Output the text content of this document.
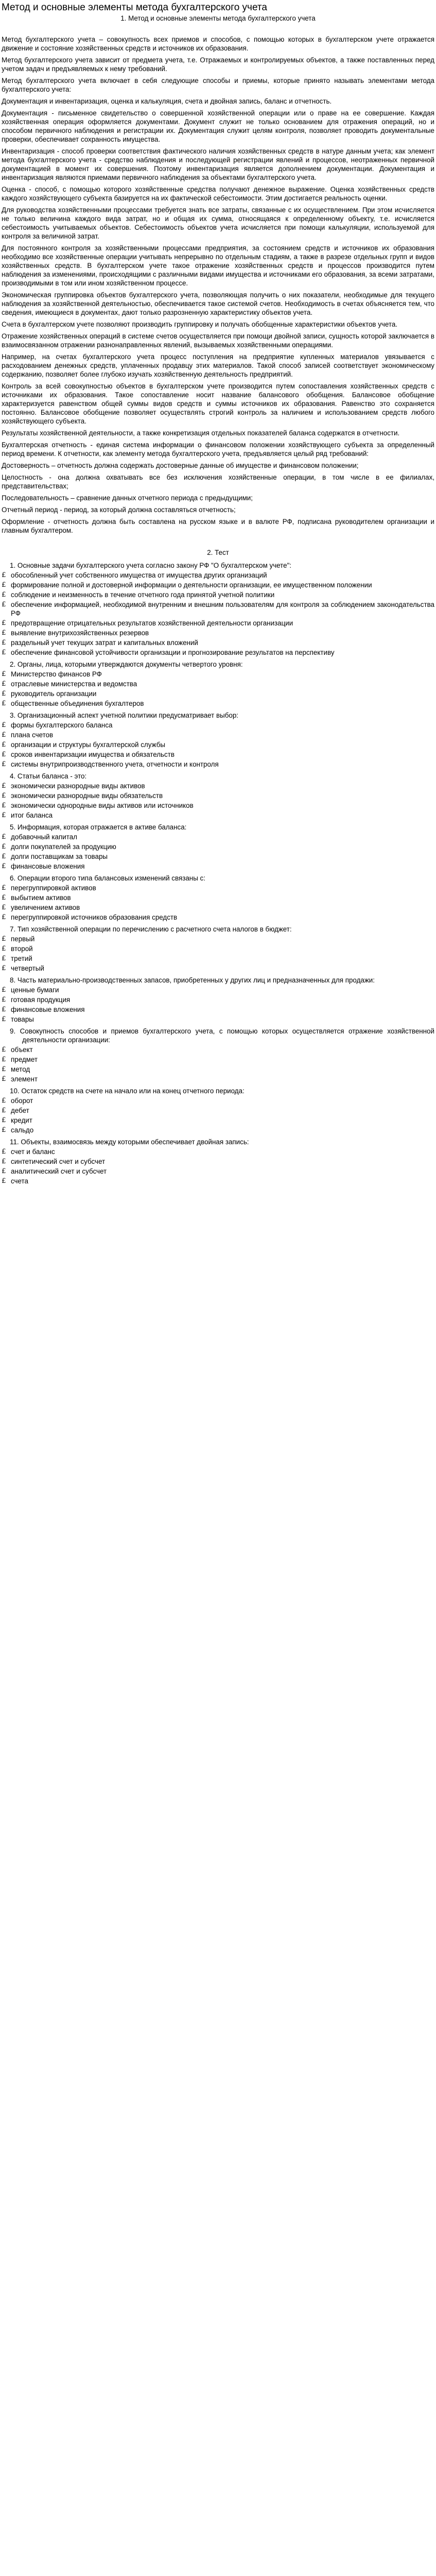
Метод и основные элементы метода бухгалтерского учета
1. Метод и основные элементы метода бухгалтерского учета
Метод бухгалтерского учета – совокупность всех приемов и способов, с помощью которых в бухгалтерском учете отражается движение и состояние хозяйственных средств и источников их образования.
Метод бухгалтерского учета зависит от предмета учета, т.е. Отражаемых и контролируемых объектов, а также поставленных перед учетом задач и предъявляемых к нему требований.
Метод бухгалтерского учета включает в себя следующие способы и приемы, которые принято называть элементами метода бухгалтерского учета:
Документация и инвентаризация, оценка и калькуляция, счета и двойная запись, баланс и отчетность.
Документация - письменное свидетельство о совершенной хозяйственной операции или о праве на ее совершение. Каждая хозяйственная операция оформляется документами. Документ служит не только основанием для отражения операций, но и способом первичного наблюдения и регистрации их. Документация служит целям контроля, позволяет проводить документальные проверки, обеспечивает сохранность имущества.
Инвентаризация - способ проверки соответствия фактического наличия хозяйственных средств в натуре данным учета; как элемент метода бухгалтерского учета - средство наблюдения и последующей регистрации явлений и процессов, неотраженных первичной документацией в момент их совершения. Поэтому инвентаризация является дополнением документации. Документация и инвентаризация являются приемами первичного наблюдения за объектами бухгалтерского учета.
Оценка - способ, с помощью которого хозяйственные средства получают денежное выражение. Оценка хозяйственных средств каждого хозяйствующего субъекта базируется на их фактической себестоимости. Этим достигается реальность оценки.
Для руководства хозяйственными процессами требуется знать все затраты, связанные с их осуществлением. При этом исчисляется не только величина каждого вида затрат, но и общая их сумма, относящаяся к определенному объекту, т.е. исчисляется себестоимость учитываемых объектов. Себестоимость объектов учета исчисляется при помощи калькуляции, используемой для контроля за величиной затрат.
Для постоянного контроля за хозяйственными процессами предприятия, за состоянием средств и источников их образования необходимо все хозяйственные операции учитывать непрерывно по отдельным стадиям, а также в разрезе отдельных групп и видов хозяйственных средств. В бухгалтерском учете такое отражение хозяйственных средств и процессов производится путем наблюдения за изменениями, происходящими с различными видами имущества и источниками его образования, за всеми затратами, производимыми в том или ином хозяйственном процессе.
Экономическая группировка объектов бухгалтерского учета, позволяющая получить о них показатели, необходимые для текущего наблюдения за хозяйственной деятельностью, обеспечивается такое системой счетов. Необходимость в счетах объясняется тем, что сведения, имеющиеся в документах, дают только разрозненную характеристику объектов учета.
Счета в бухгалтерском учете позволяют производить группировку и получать обобщенные характеристики объектов учета.
Отражение хозяйственных операций в системе счетов осуществляется при помощи двойной записи, сущность которой заключается в взаимосвязанном отражении разнонаправленных явлений, вызываемых хозяйственными операциями.
Например, на счетах бухгалтерского учета процесс поступления на предприятие купленных материалов увязывается с расходованием денежных средств, уплаченных продавцу этих материалов. Такой способ записей соответствует экономическому содержанию, позволяет более глубоко изучать хозяйственную деятельность предприятий.
Контроль за всей совокупностью объектов в бухгалтерском учете производится путем сопоставления хозяйственных средств с источниками их образования. Такое сопоставление носит название балансового обобщения. Балансовое обобщение характеризуется равенством общей суммы видов средств и суммы источников их образования. Равенство это сохраняется постоянно. Балансовое обобщение позволяет осуществлять строгий контроль за наличием и использованием средств любого хозяйствующего субъекта.
Результаты хозяйственной деятельности, а также конкретизация отдельных показателей баланса содержатся в отчетности.
Бухгалтерская отчетность - единая система информации о финансовом положении хозяйствующего субъекта за определенный период времени. К отчетности, как элементу метода бухгалтерского учета, предъявляется целый ряд требований:
Достоверность – отчетность должна содержать достоверные данные об имуществе и финансовом положении;
Целостность - она должна охватывать все без исключения хозяйственные операции, в том числе в ее филиалах, представительствах;
Последовательность – сравнение данных отчетного периода с предыдущими;
Отчетный период - период, за который должна составляться отчетность;
Оформление - отчетность должна быть составлена на русском языке и в валюте РФ, подписана руководителем организации и главным бухгалтером.
2. Тест
1. Основные задачи бухгалтерского учета согласно закону РФ "О бухгалтерском учете":
£ обособленный учет собственного имущества от имущества других организаций
£ формирование полной и достоверной информации о деятельности организации, ее имущественном положении
£ соблюдение и неизменность в течение отчетного года принятой учетной политики
£ обеспечение информацией, необходимой внутренним и внешним пользователям для контроля за соблюдением законодательства РФ
£ предотвращение отрицательных результатов хозяйственной деятельности организации
£ выявление внутрихозяйственных резервов
£ раздельный учет текущих затрат и капитальных вложений
£ обеспечение финансовой устойчивости организации и прогнозирование результатов на перспективу
2. Органы, лица, которыми утверждаются документы четвертого уровня:
£ Министерство финансов РФ
£ отраслевые министерства и ведомства
£ руководитель организации
£ общественные объединения бухгалтеров
3. Организационный аспект учетной политики предусматривает выбор:
£ формы бухгалтерского баланса
£ плана счетов
£ организации и структуры бухгалтерской службы
£ сроков инвентаризации имущества и обязательств
£ системы внутрипроизводственного учета, отчетности и контроля
4. Статьи баланса - это:
£ экономически разнородные виды активов
£ экономически разнородные виды обязательств
£ экономически однородные виды активов или источников
£ итог баланса
5. Информация, которая отражается в активе баланса:
£ добавочный капитал
£ долги покупателей за продукцию
£ долги поставщикам за товары
£ финансовые вложения
6. Операции второго типа балансовых изменений связаны с:
£ перегруппировкой активов
£ выбытием активов
£ увеличением активов
£ перегруппировкой источников образования средств
7. Тип хозяйственной операции по перечислению с расчетного счета налогов в бюджет:
£ первый
£ второй
£ третий
£ четвертый
8. Часть материально-производственных запасов, приобретенных у других лиц и предназначенных для продажи:
£ ценные бумаги
£ готовая продукция
£ финансовые вложения
£ товары
9. Совокупность способов и приемов бухгалтерского учета, с помощью которых осуществляется отражение хозяйственной деятельности организации:
£ объект
£ предмет
£ метод
£ элемент
10. Остаток средств на счете на начало или на конец отчетного периода:
£ оборот
£ дебет
£ кредит
£ сальдо
11. Объекты, взаимосвязь между которыми обеспечивает двойная запись:
£ счет и баланс
£ синтетический счет и субсчет
£ аналитический счет и субсчет
£ счета
